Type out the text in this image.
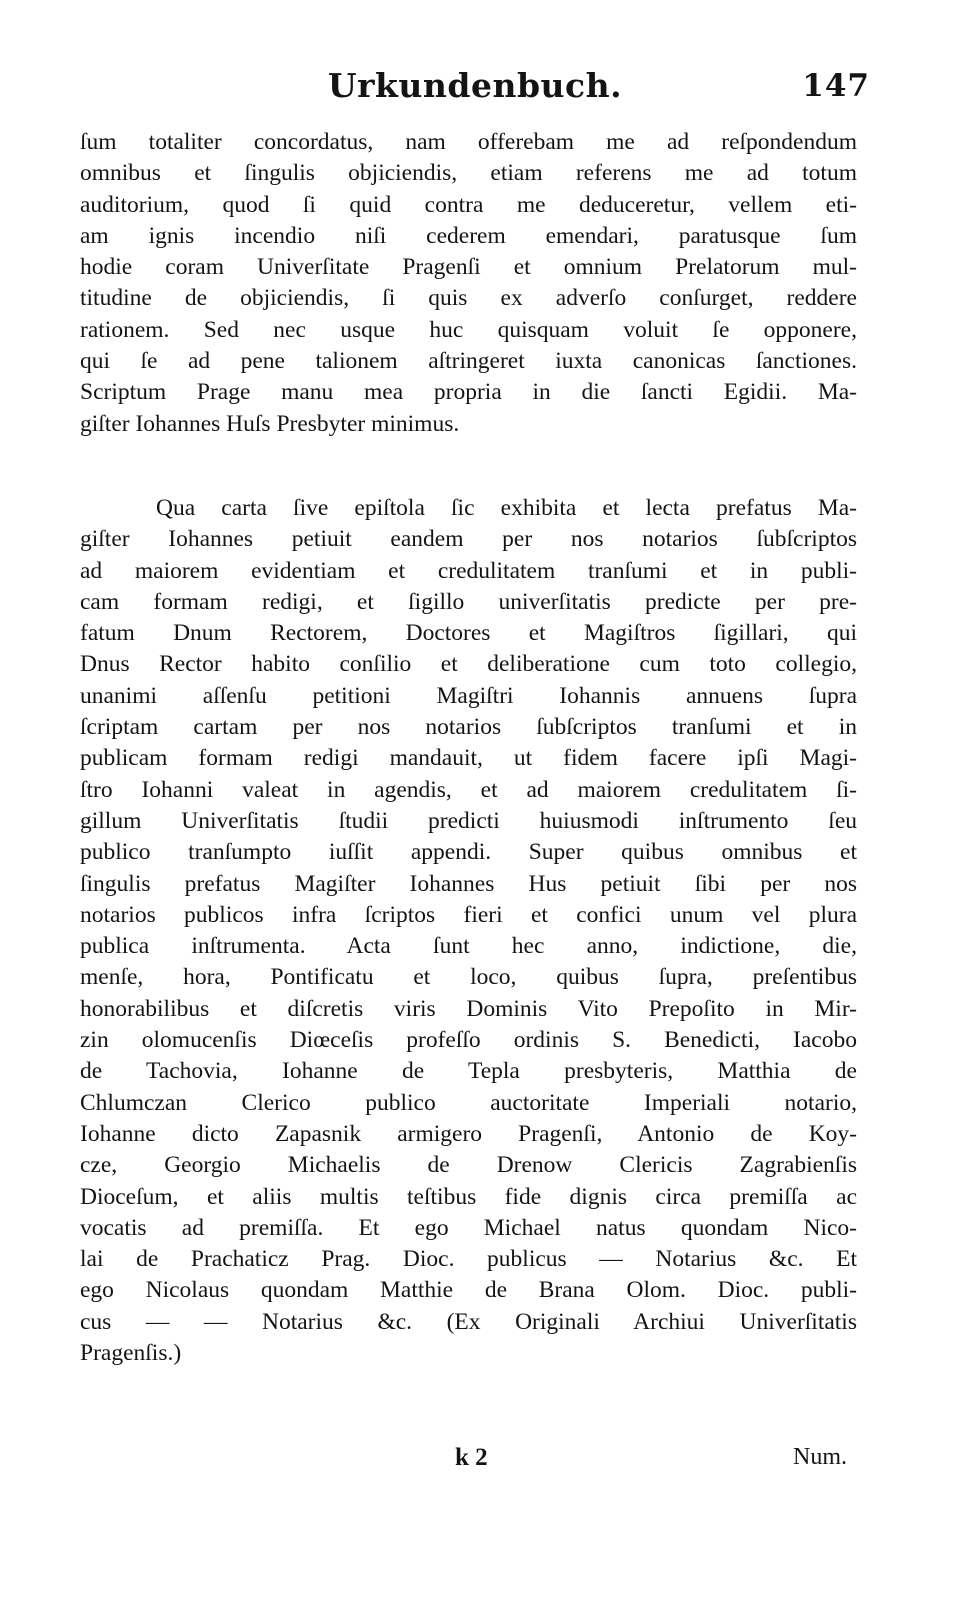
Urkundenbuch.	147
ſum totaliter concordatus, nam offerebam me ad reſpondendum
omnibus et ſingulis objiciendis, etiam referens me ad totum
auditorium, quod ſi quid contra me deduceretur, vellem eti-
am ignis incendio niſi cederem emendari, paratusque ſum
hodie coram Univerſitate Pragenſi et omnium Prelatorum mul-
titudine de objiciendis, ſi quis ex adverſo conſurget, reddere
rationem. Sed nec usque huc quisquam voluit ſe opponere,
qui ſe ad pene talionem aſtringeret iuxta canonicas ſanctiones.
Scriptum Prage manu mea propria in die ſancti Egidii. Ma-
giſter Iohannes Huſs Presbyter minimus.
Qua carta ſive epiſtola ſic exhibita et lecta prefatus Ma-
giſter Iohannes petiuit eandem per nos notarios ſubſcriptos
ad maiorem evidentiam et credulitatem tranſumi et in publi-
cam formam redigi, et ſigillo univerſitatis predicte per pre-
fatum Dnum Rectorem, Doctores et Magiſtros ſigillari, qui
Dnus Rector habito conſilio et deliberatione cum toto collegio,
unanimi aſſenſu petitioni Magiſtri Iohannis annuens ſupra
ſcriptam cartam per nos notarios ſubſcriptos tranſumi et in
publicam formam redigi mandauit, ut fidem facere ipſi Magi-
ſtro Iohanni valeat in agendis, et ad maiorem credulitatem ſi-
gillum Univerſitatis ſtudii predicti huiusmodi inſtrumento ſeu
publico tranſumpto iuſſit appendi. Super quibus omnibus et
ſingulis prefatus Magiſter Iohannes Hus petiuit ſibi per nos
notarios publicos infra ſcriptos fieri et confici unum vel plura
publica inſtrumenta. Acta ſunt hec anno, indictione, die,
menſe, hora, Pontificatu et loco, quibus ſupra, preſentibus
honorabilibus et diſcretis viris Dominis Vito Prepoſito in Mir-
zin olomucenſis Diœceſis profeſſo ordinis S. Benedicti, Iacobo
de Tachovia, Iohanne de Tepla presbyteris, Matthia de
Chlumczan Clerico publico auctoritate Imperiali notario,
Iohanne dicto Zapasnik armigero Pragenſi, Antonio de Koy-
cze, Georgio Michaelis de Drenow Clericis Zagrabienſis
Dioceſum, et aliis multis teſtibus fide dignis circa premiſſa ac
vocatis ad premiſſa. Et ego Michael natus quondam Nico-
lai de Prachaticz Prag. Dioc. publicus — Notarius &c. Et
ego Nicolaus quondam Matthie de Brana Olom. Dioc. publi-
cus — — Notarius &c. (Ex Originali Archiui Univerſitatis
Pragenſis.)
k 2	Num.
